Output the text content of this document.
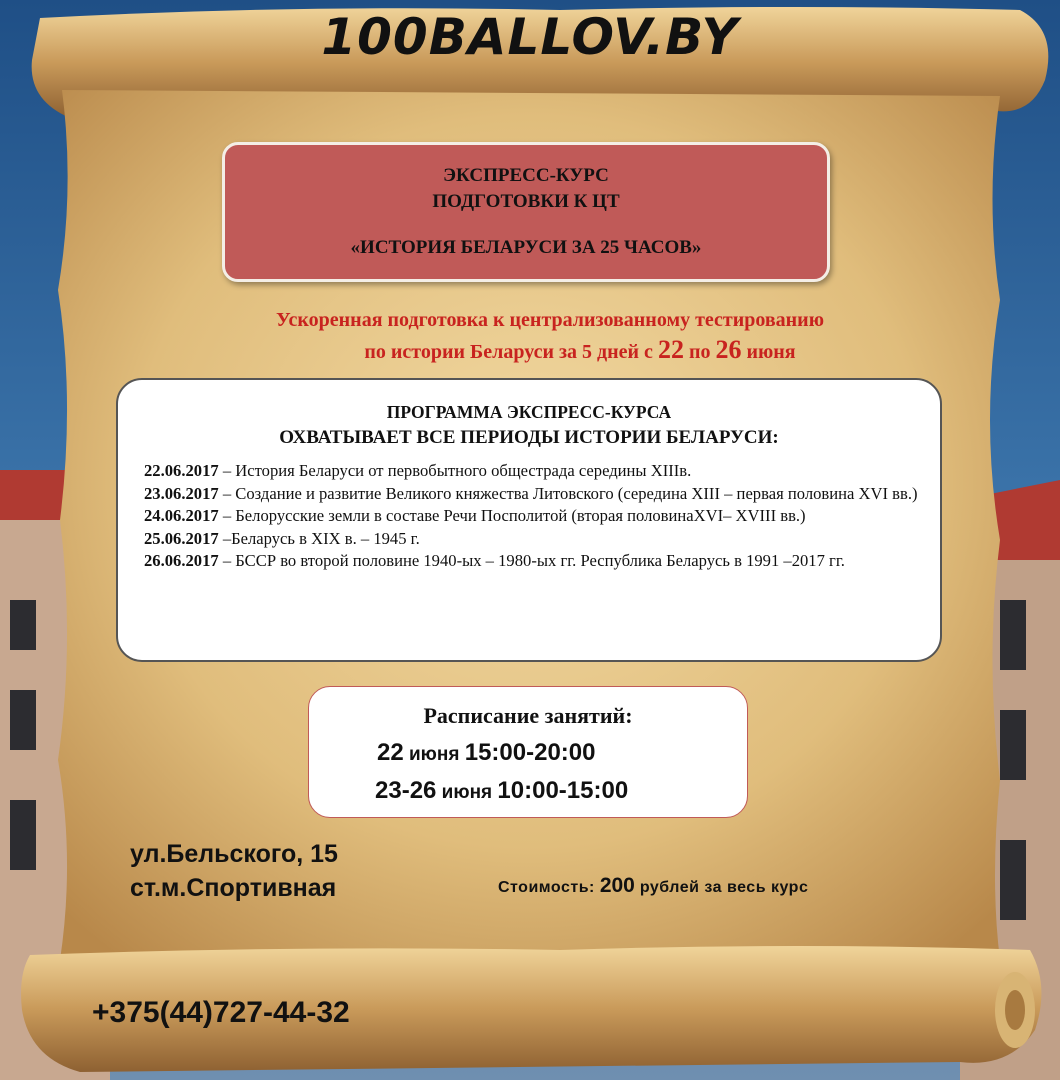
100BALLOV.BY
ЭКСПРЕСС-КУРС
ПОДГОТОВКИ К ЦТ
«ИСТОРИЯ БЕЛАРУСИ ЗА 25 ЧАСОВ»
Ускоренная подготовка к централизованному тестированию
по истории Беларуси за 5 дней с 22 по 26 июня
ПРОГРАММА ЭКСПРЕСС-КУРСА
ОХВАТЫВАЕТ ВСЕ ПЕРИОДЫ ИСТОРИИ БЕЛАРУСИ:
22.06.2017 – История Беларуси от первобытного общестрада середины XIIIв.
23.06.2017 – Создание и развитие Великого княжества Литовского (середина XIII – первая половина XVI вв.)
24.06.2017 – Белорусские земли в составе Речи Посполитой (вторая половинаXVI– XVIII вв.)
25.06.2017 –Беларусь в XIX в. – 1945 г.
26.06.2017 – БССР во второй половине 1940-ых – 1980-ых гг. Республика Беларусь в 1991 –2017 гг.
Расписание занятий:
22 июня 15:00-20:00
23-26 июня 10:00-15:00
ул.Бельского, 15
ст.м.Спортивная	Стоимость: 200 рублей за весь курс
+375(44)727-44-32
